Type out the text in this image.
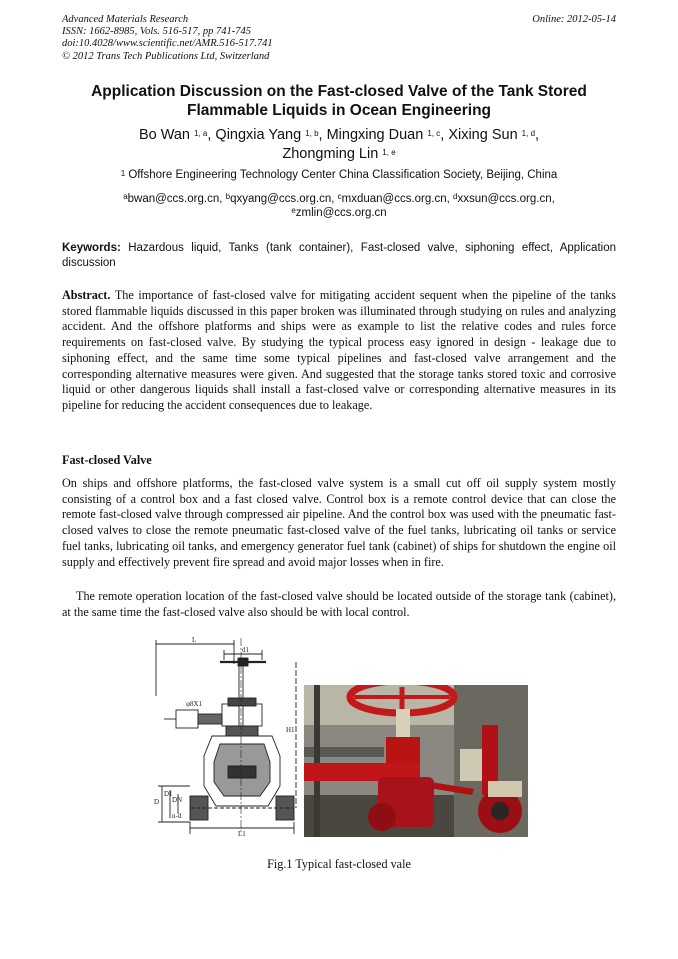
Advanced Materials Research
ISSN: 1662-8985, Vols. 516-517, pp 741-745
doi:10.4028/www.scientific.net/AMR.516-517.741
© 2012 Trans Tech Publications Ltd, Switzerland
Online: 2012-05-14
Application Discussion on the Fast-closed Valve of the Tank Stored
Flammable Liquids in Ocean Engineering
Bo Wan $^{1, a}$, Qingxia Yang $^{1, b}$, Mingxing Duan $^{1, c}$, Xixing Sun $^{1, d}$,
Zhongming Lin $^{1, e}$
$^1$ Offshore Engineering Technology Center China Classification Society, Beijing, China
$^a$bwan@ccs.org.cn, $^b$qxyang@ccs.org.cn, $^c$mxduan@ccs.org.cn, $^d$xxsun@ccs.org.cn,
$^e$zmlin@ccs.org.cn
Keywords: Hazardous liquid, Tanks (tank container), Fast-closed valve, siphoning effect, Application discussion
Abstract. The importance of fast-closed valve for mitigating accident sequent when the pipeline of the tanks stored flammable liquids discussed in this paper broken was illuminated through studying on rules and analyzing accident. And the offshore platforms and ships were as example to list the relative codes and rules force requirements on fast-closed valve. By studying the typical process easy ignored in design - leakage due to siphoning effect, and the same time some typical pipelines and fast-closed valve arrangement and the corresponding alternative measures were given. And suggested that the storage tanks stored toxic and corrosive liquid or other dangerous liquids shall install a fast-closed valve or corresponding alternative measures in its pipeline for reducing the accident consequences due to leakage.
Fast-closed Valve
On ships and offshore platforms, the fast-closed valve system is a small cut off oil supply system mostly consisting of a control box and a fast closed valve. Control box is a remote control device that can close the remote fast-closed valve through compressed air pipeline. And the control box was used with the pneumatic fast-closed valves to close the remote pneumatic fast-closed valve of the fuel tanks, lubricating oil tanks or service fuel tanks, lubricating oil tanks, and emergency generator fuel tank (cabinet) of ships for shutdown the engine oil supply and effectively prevent fire spread and avoid major losses when in fire.
The remote operation location of the fast-closed valve should be located outside of the storage tank (cabinet), at the same time the fast-closed valve also should be with local control.
L
d1
φ8X1
H1
D
D1
DN
n-d
L1
Fig.1 Typical fast-closed vale
